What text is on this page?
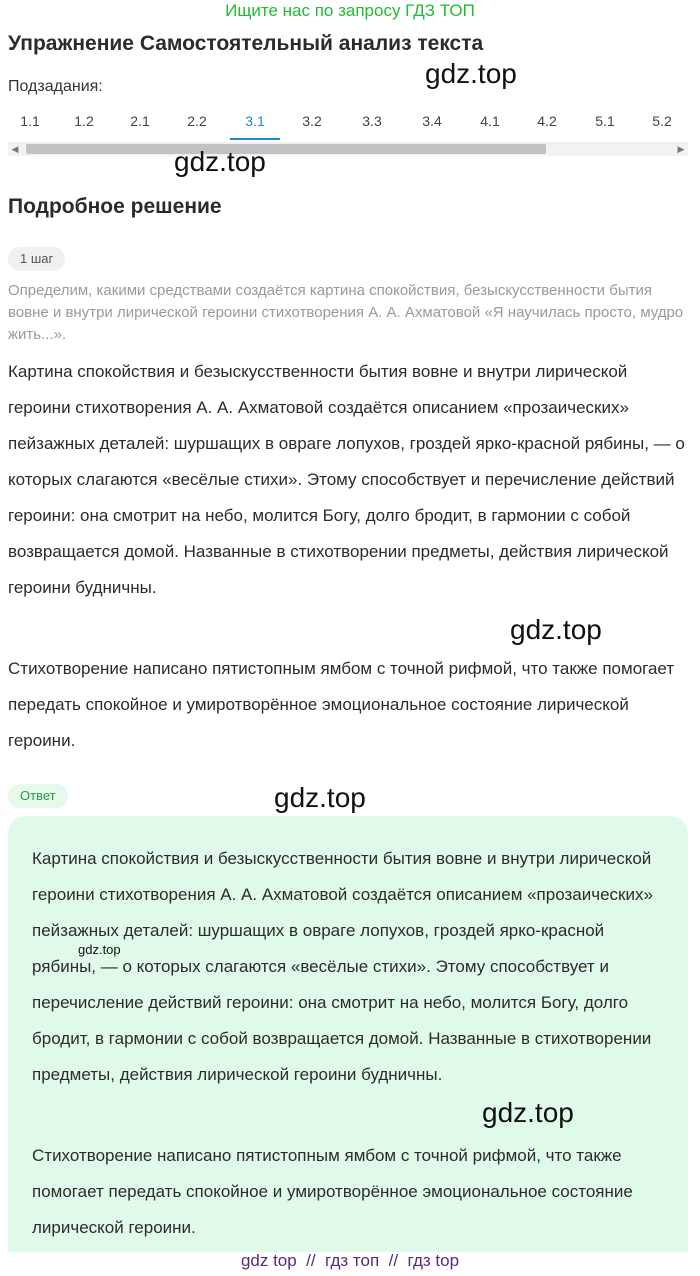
Ищите нас по запросу ГДЗ ТОП
Упражнение Самостоятельный анализ текста
Подзадания:
1.1	1.2	2.1	2.2	3.1	3.2	3.3	3.4	4.1	4.2	5.1	5.2
◀	▶
Подробное решение
1 шаг
Определим, какими средствами создаётся картина спокойствия, безыскусственности бытия вовне и внутри лирической героини стихотворения А. А. Ахматовой «Я научилась просто, мудро жить...».
Картина спокойствия и безыскусственности бытия вовне и внутри лирической героини стихотворения А. А. Ахматовой создаётся описанием «прозаических» пейзажных деталей: шуршащих в овраге лопухов, гроздей ярко-красной рябины, — о которых слагаются «весёлые стихи». Этому способствует и перечисление действий героини: она смотрит на небо, молится Богу, долго бродит, в гармонии с собой возвращается домой. Названные в стихотворении предметы, действия лирической героини будничны.
Стихотворение написано пятистопным ямбом с точной рифмой, что также помогает передать спокойное и умиротворённое эмоциональное состояние лирической героини.
Ответ
Картина спокойствия и безыскусственности бытия вовне и внутри лирической героини стихотворения А. А. Ахматовой создаётся описанием «прозаических» пейзажных деталей: шуршащих в овраге лопухов, гроздей ярко-красной рябины, — о которых слагаются «весёлые стихи». Этому способствует и перечисление действий героини: она смотрит на небо, молится Богу, долго бродит, в гармонии с собой возвращается домой. Названные в стихотворении предметы, действия лирической героини будничны.
Стихотворение написано пятистопным ямбом с точной рифмой, что также помогает передать спокойное и умиротворённое эмоциональное состояние лирической героини.
gdz.top
gdz.top
gdz.top
gdz.top
gdz.top
gdz.top
gdz top  //  гдз топ  //  гдз top
